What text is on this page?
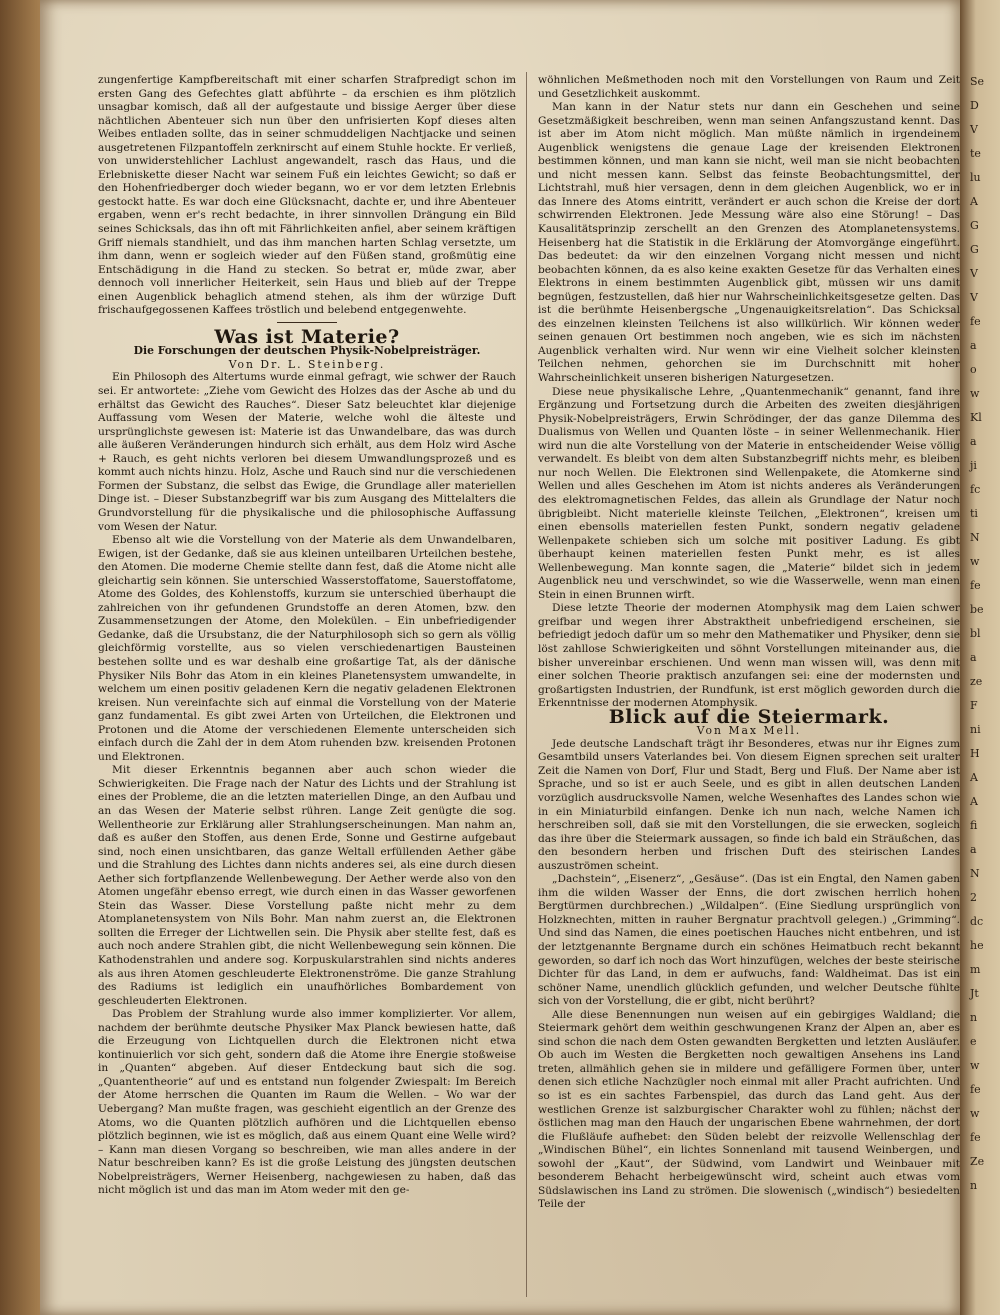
Se
D
V
te
lu
A
G
G
V
V
fe
a
o
w
Kl
a
ji
fc
ti
N
w
fe
be
bl
a
ze
F
ni
H
A
A
fi
a
N
2
dc
he
m
Jt
n
e
w
fe
w
fe
Ze
n

zungenfertige Kampfbereitschaft mit einer scharfen Strafpredigt schon im ersten Gang des Gefechtes glatt abführte – da erschien es ihm plötzlich unsagbar komisch, daß all der aufgestaute und bissige Aerger über diese nächtlichen Abenteuer sich nun über den unfrisierten Kopf dieses alten Weibes entladen sollte, das in seiner schmuddeligen Nachtjacke und seinen ausgetretenen Filzpantoffeln zerknirscht auf einem Stuhle hockte. Er verließ, von unwiderstehlicher Lachlust angewandelt, rasch das Haus, und die Erlebniskette dieser Nacht war seinem Fuß ein leichtes Gewicht; so daß er den Hohenfriedberger doch wieder begann, wo er vor dem letzten Erlebnis gestockt hatte. Es war doch eine Glücksnacht, dachte er, und ihre Abenteuer ergaben, wenn er's recht bedachte, in ihrer sinnvollen Drängung ein Bild seines Schicksals, das ihn oft mit Fährlichkeiten anfiel, aber seinem kräftigen Griff niemals standhielt, und das ihm manchen harten Schlag versetzte, um ihm dann, wenn er sogleich wieder auf den Füßen stand, großmütig eine Entschädigung in die Hand zu stecken. So betrat er, müde zwar, aber dennoch voll innerlicher Heiterkeit, sein Haus und blieb auf der Treppe einen Augenblick behaglich atmend stehen, als ihm der würzige Duft frischaufgegossenen Kaffees tröstlich und belebend entgegenwehte.

Was ist Materie?

Die Forschungen der deutschen Physik-Nobelpreisträger.

Von Dr. L. Steinberg.

Ein Philosoph des Altertums wurde einmal gefragt, wie schwer der Rauch sei. Er antwortete: „Ziehe vom Gewicht des Holzes das der Asche ab und du erhältst das Gewicht des Rauches“. Dieser Satz beleuchtet klar diejenige Auffassung vom Wesen der Materie, welche wohl die älteste und ursprünglichste gewesen ist: Materie ist das Unwandelbare, das was durch alle äußeren Veränderungen hindurch sich erhält, aus dem Holz wird Asche + Rauch, es geht nichts verloren bei diesem Umwandlungsprozeß und es kommt auch nichts hinzu. Holz, Asche und Rauch sind nur die verschiedenen Formen der Substanz, die selbst das Ewige, die Grundlage aller materiellen Dinge ist. – Dieser Substanzbegriff war bis zum Ausgang des Mittelalters die Grundvorstellung für die physikalische und die philosophische Auffassung vom Wesen der Natur.

Ebenso alt wie die Vorstellung von der Materie als dem Unwandelbaren, Ewigen, ist der Gedanke, daß sie aus kleinen unteilbaren Urteilchen bestehe, den Atomen. Die moderne Chemie stellte dann fest, daß die Atome nicht alle gleichartig sein können. Sie unterschied Wasserstoffatome, Sauerstoffatome, Atome des Goldes, des Kohlenstoffs, kurzum sie unterschied überhaupt die zahlreichen von ihr gefundenen Grundstoffe an deren Atomen, bzw. den Zusammensetzungen der Atome, den Molekülen. – Ein unbefriedigender Gedanke, daß die Ursubstanz, die der Naturphilosoph sich so gern als völlig gleichförmig vorstellte, aus so vielen verschiedenartigen Bausteinen bestehen sollte und es war deshalb eine großartige Tat, als der dänische Physiker Nils Bohr das Atom in ein kleines Planetensystem umwandelte, in welchem um einen positiv geladenen Kern die negativ geladenen Elektronen kreisen. Nun vereinfachte sich auf einmal die Vorstellung von der Materie ganz fundamental. Es gibt zwei Arten von Urteilchen, die Elektronen und Protonen und die Atome der verschiedenen Elemente unterscheiden sich einfach durch die Zahl der in dem Atom ruhenden bzw. kreisenden Protonen und Elektronen.

Mit dieser Erkenntnis begannen aber auch schon wieder die Schwierigkeiten. Die Frage nach der Natur des Lichts und der Strahlung ist eines der Probleme, die an die letzten materiellen Dinge, an den Aufbau und an das Wesen der Materie selbst rühren. Lange Zeit genügte die sog. Wellentheorie zur Erklärung aller Strahlungserscheinungen. Man nahm an, daß es außer den Stoffen, aus denen Erde, Sonne und Gestirne aufgebaut sind, noch einen unsichtbaren, das ganze Weltall erfüllenden Aether gäbe und die Strahlung des Lichtes dann nichts anderes sei, als eine durch diesen Aether sich fortpflanzende Wellenbewegung. Der Aether werde also von den Atomen ungefähr ebenso erregt, wie durch einen in das Wasser geworfenen Stein das Wasser. Diese Vorstellung paßte nicht mehr zu dem Atomplanetensystem von Nils Bohr. Man nahm zuerst an, die Elektronen sollten die Erreger der Lichtwellen sein. Die Physik aber stellte fest, daß es auch noch andere Strahlen gibt, die nicht Wellenbewegung sein können. Die Kathodenstrahlen und andere sog. Korpuskularstrahlen sind nichts anderes als aus ihren Atomen geschleuderte Elektronenströme. Die ganze Strahlung des Radiums ist lediglich ein unaufhörliches Bombardement von geschleuderten Elektronen.

Das Problem der Strahlung wurde also immer komplizierter. Vor allem, nachdem der berühmte deutsche Physiker Max Planck bewiesen hatte, daß die Erzeugung von Lichtquellen durch die Elektronen nicht etwa kontinuierlich vor sich geht, sondern daß die Atome ihre Energie stoßweise in „Quanten“ abgeben. Auf dieser Entdeckung baut sich die sog. „Quantentheorie“ auf und es entstand nun folgender Zwiespalt: Im Bereich der Atome herrschen die Quanten im Raum die Wellen. – Wo war der Uebergang? Man mußte fragen, was geschieht eigentlich an der Grenze des Atoms, wo die Quanten plötzlich aufhören und die Lichtquellen ebenso plötzlich beginnen, wie ist es möglich, daß aus einem Quant eine Welle wird? – Kann man diesen Vorgang so beschreiben, wie man alles andere in der Natur beschreiben kann? Es ist die große Leistung des jüngsten deutschen Nobelpreisträgers, Werner Heisenberg, nachgewiesen zu haben, daß das nicht möglich ist und das man im Atom weder mit den ge-

wöhnlichen Meßmethoden noch mit den Vorstellungen von Raum und Zeit und Gesetzlichkeit auskommt.

Man kann in der Natur stets nur dann ein Geschehen und seine Gesetzmäßigkeit beschreiben, wenn man seinen Anfangszustand kennt. Das ist aber im Atom nicht möglich. Man müßte nämlich in irgendeinem Augenblick wenigstens die genaue Lage der kreisenden Elektronen bestimmen können, und man kann sie nicht, weil man sie nicht beobachten und nicht messen kann. Selbst das feinste Beobachtungsmittel, der Lichtstrahl, muß hier versagen, denn in dem gleichen Augenblick, wo er in das Innere des Atoms eintritt, verändert er auch schon die Kreise der dort schwirrenden Elektronen. Jede Messung wäre also eine Störung! – Das Kausalitätsprinzip zerschellt an den Grenzen des Atomplanetensystems. Heisenberg hat die Statistik in die Erklärung der Atomvorgänge eingeführt. Das bedeutet: da wir den einzelnen Vorgang nicht messen und nicht beobachten können, da es also keine exakten Gesetze für das Verhalten eines Elektrons in einem bestimmten Augenblick gibt, müssen wir uns damit begnügen, festzustellen, daß hier nur Wahrscheinlichkeitsgesetze gelten. Das ist die berühmte Heisenbergsche „Ungenauigkeitsrelation“. Das Schicksal des einzelnen kleinsten Teilchens ist also willkürlich. Wir können weder seinen genauen Ort bestimmen noch angeben, wie es sich im nächsten Augenblick verhalten wird. Nur wenn wir eine Vielheit solcher kleinsten Teilchen nehmen, gehorchen sie im Durchschnitt mit hoher Wahrscheinlichkeit unseren bisherigen Naturgesetzen.

Diese neue physikalische Lehre, „Quantenmechanik“ genannt, fand ihre Ergänzung und Fortsetzung durch die Arbeiten des zweiten diesjährigen Physik-Nobelpreisträgers, Erwin Schrödinger, der das ganze Dilemma des Dualismus von Wellen und Quanten löste – in seiner Wellenmechanik. Hier wird nun die alte Vorstellung von der Materie in entscheidender Weise völlig verwandelt. Es bleibt von dem alten Substanzbegriff nichts mehr, es bleiben nur noch Wellen. Die Elektronen sind Wellenpakete, die Atomkerne sind Wellen und alles Geschehen im Atom ist nichts anderes als Veränderungen des elektromagnetischen Feldes, das allein als Grundlage der Natur noch übrigbleibt. Nicht materielle kleinste Teilchen, „Elektronen“, kreisen um einen ebensolls materiellen festen Punkt, sondern negativ geladene Wellenpakete schieben sich um solche mit positiver Ladung. Es gibt überhaupt keinen materiellen festen Punkt mehr, es ist alles Wellenbewegung. Man konnte sagen, die „Materie“ bildet sich in jedem Augenblick neu und verschwindet, so wie die Wasserwelle, wenn man einen Stein in einen Brunnen wirft.

Diese letzte Theorie der modernen Atomphysik mag dem Laien schwer greifbar und wegen ihrer Abstraktheit unbefriedigend erscheinen, sie befriedigt jedoch dafür um so mehr den Mathematiker und Physiker, denn sie löst zahllose Schwierigkeiten und söhnt Vorstellungen miteinander aus, die bisher unvereinbar erschienen. Und wenn man wissen will, was denn mit einer solchen Theorie praktisch anzufangen sei: eine der modernsten und großartigsten Industrien, der Rundfunk, ist erst möglich geworden durch die Erkenntnisse der modernen Atomphysik.

Blick auf die Steiermark.

Von Max Mell.

Jede deutsche Landschaft trägt ihr Besonderes, etwas nur ihr Eignes zum Gesamtbild unsers Vaterlandes bei. Von diesem Eignen sprechen seit uralter Zeit die Namen von Dorf, Flur und Stadt, Berg und Fluß. Der Name aber ist Sprache, und so ist er auch Seele, und es gibt in allen deutschen Landen vorzüglich ausdrucksvolle Namen, welche Wesenhaftes des Landes schon wie in ein Miniaturbild einfangen. Denke ich nun nach, welche Namen ich herschreiben soll, daß sie mit den Vorstellungen, die sie erwecken, sogleich das ihre über die Steiermark aussagen, so finde ich bald ein Sträußchen, das den besondern herben und frischen Duft des steirischen Landes auszuströmen scheint.

„Dachstein“, „Eisenerz“, „Gesäuse“. (Das ist ein Engtal, den Namen gaben ihm die wilden Wasser der Enns, die dort zwischen herrlich hohen Bergtürmen durchbrechen.) „Wildalpen“. (Eine Siedlung ursprünglich von Holzknechten, mitten in rauher Bergnatur prachtvoll gelegen.) „Grimming“. Und sind das Namen, die eines poetischen Hauches nicht entbehren, und ist der letztgenannte Bergname durch ein schönes Heimatbuch recht bekannt geworden, so darf ich noch das Wort hinzufügen, welches der beste steirische Dichter für das Land, in dem er aufwuchs, fand: Waldheimat. Das ist ein schöner Name, unendlich glücklich gefunden, und welcher Deutsche fühlte sich von der Vorstellung, die er gibt, nicht berührt?

Alle diese Benennungen nun weisen auf ein gebirgiges Waldland; die Steiermark gehört dem weithin geschwungenen Kranz der Alpen an, aber es sind schon die nach dem Osten gewandten Bergketten und letzten Ausläufer. Ob auch im Westen die Bergketten noch gewaltigen Ansehens ins Land treten, allmählich gehen sie in mildere und gefälligere Formen über, unter denen sich etliche Nachzügler noch einmal mit aller Pracht aufrichten. Und so ist es ein sachtes Farbenspiel, das durch das Land geht. Aus der westlichen Grenze ist salzburgischer Charakter wohl zu fühlen; nächst der östlichen mag man den Hauch der ungarischen Ebene wahrnehmen, der dort die Flußläufe aufhebet: den Süden belebt der reizvolle Wellenschlag der „Windischen Bühel“, ein lichtes Sonnenland mit tausend Weinbergen, und sowohl der „Kaut“, der Südwind, vom Landwirt und Weinbauer mit besonderem Behacht herbeigewünscht wird, scheint auch etwas vom Südslawischen ins Land zu strömen. Die slowenisch („windisch“) besiedelten Teile der
